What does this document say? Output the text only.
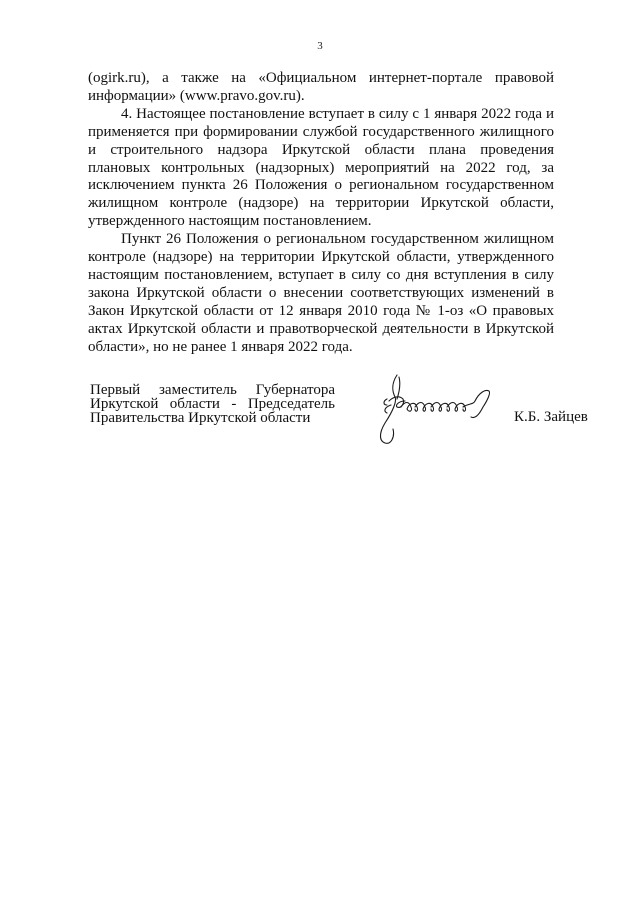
3

(ogirk.ru), а также на «Официальном интернет-портале правовой информации» (www.pravo.gov.ru).

4. Настоящее постановление вступает в силу с 1 января 2022 года и применяется при формировании службой государственного жилищного и строительного надзора Иркутской области плана проведения плановых контрольных (надзорных) мероприятий на 2022 год, за исключением пункта 26 Положения о региональном государственном жилищном контроле (надзоре) на территории Иркутской области, утвержденного настоящим постановлением.

Пункт 26 Положения о региональном государственном жилищном контроле (надзоре) на территории Иркутской области, утвержденного настоящим постановлением, вступает в силу со дня вступления в силу закона Иркутской области о внесении соответствующих изменений в Закон Иркутской области от 12 января 2010 года № 1-оз «О правовых актах Иркутской области и правотворческой деятельности в Иркутской области», но не ранее 1 января 2022 года.

Первый заместитель Губернатора
Иркутской области - Председатель
Правительства Иркутской области	К.Б. Зайцев
